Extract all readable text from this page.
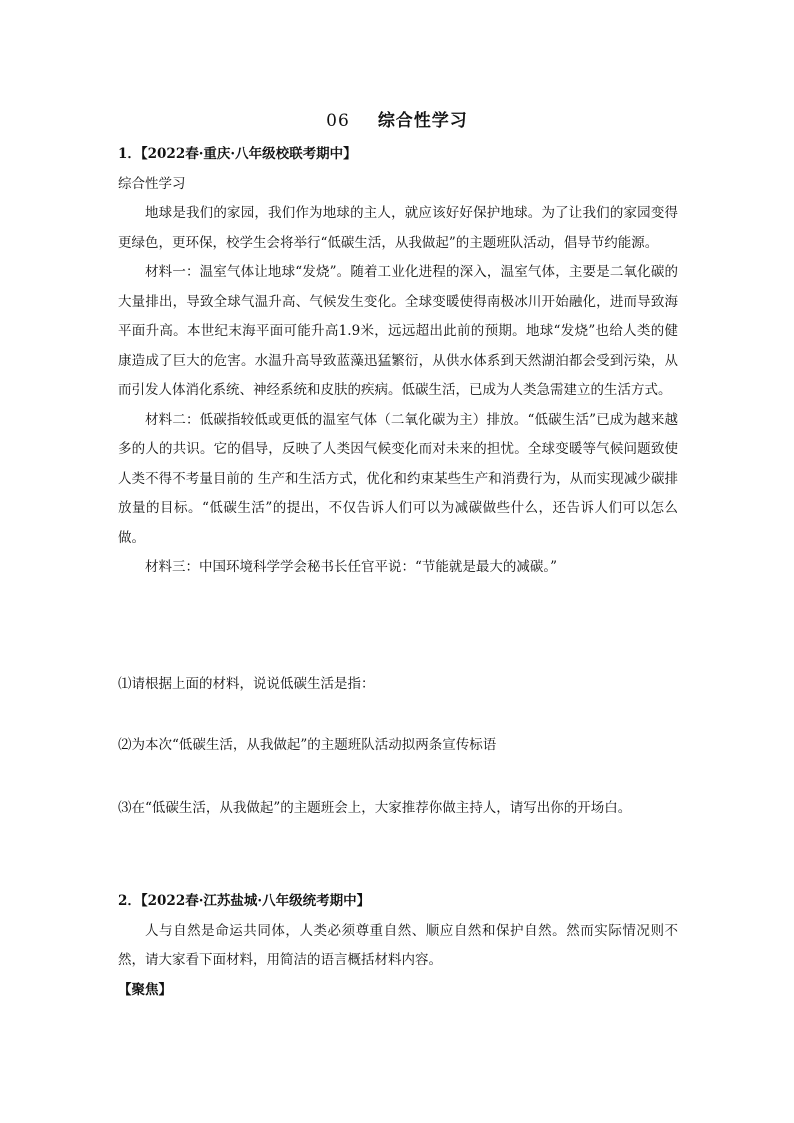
06 综合性学习
1．【2022春·重庆·八年级校联考期中】
综合性学习
地球是我们的家园，我们作为地球的主人，就应该好好保护地球。为了让我们的家园变得更绿色，更环保，校学生会将举行“低碳生活，从我做起”的主题班队活动，倡导节约能源。
材料一：温室气体让地球“发烧”。随着工业化进程的深入，温室气体，主要是二氧化碳的大量排出，导致全球气温升高、气候发生变化。全球变暖使得南极冰川开始融化，进而导致海平面升高。本世纪末海平面可能升高1.9米，远远超出此前的预期。地球“发烧”也给人类的健康造成了巨大的危害。水温升高导致蓝藻迅猛繁衍，从供水体系到天然湖泊都会受到污染，从而引发人体消化系统、神经系统和皮肤的疾病。低碳生活，已成为人类急需建立的生活方式。
材料二：低碳指较低或更低的温室气体（二氧化碳为主）排放。“低碳生活”已成为越来越多的人的共识。它的倡导，反映了人类因气候变化而对未来的担忧。全球变暖等气候问题致使人类不得不考量目前的 生产和生活方式，优化和约束某些生产和消费行为，从而实现减少碳排放量的目标。“低碳生活”的提出，不仅告诉人们可以为减碳做些什么，还告诉人们可以怎么做。
材料三：中国环境科学学会秘书长任官平说：“节能就是最大的减碳。”
⑴请根据上面的材料，说说低碳生活是指：
⑵为本次“低碳生活，从我做起”的主题班队活动拟两条宣传标语
⑶在“低碳生活，从我做起”的主题班会上，大家推荐你做主持人，请写出你的开场白。
2．【2022春·江苏盐城·八年级统考期中】
人与自然是命运共同体，人类必须尊重自然、顺应自然和保护自然。然而实际情况则不然，请大家看下面材料，用简洁的语言概括材料内容。
【聚焦】
